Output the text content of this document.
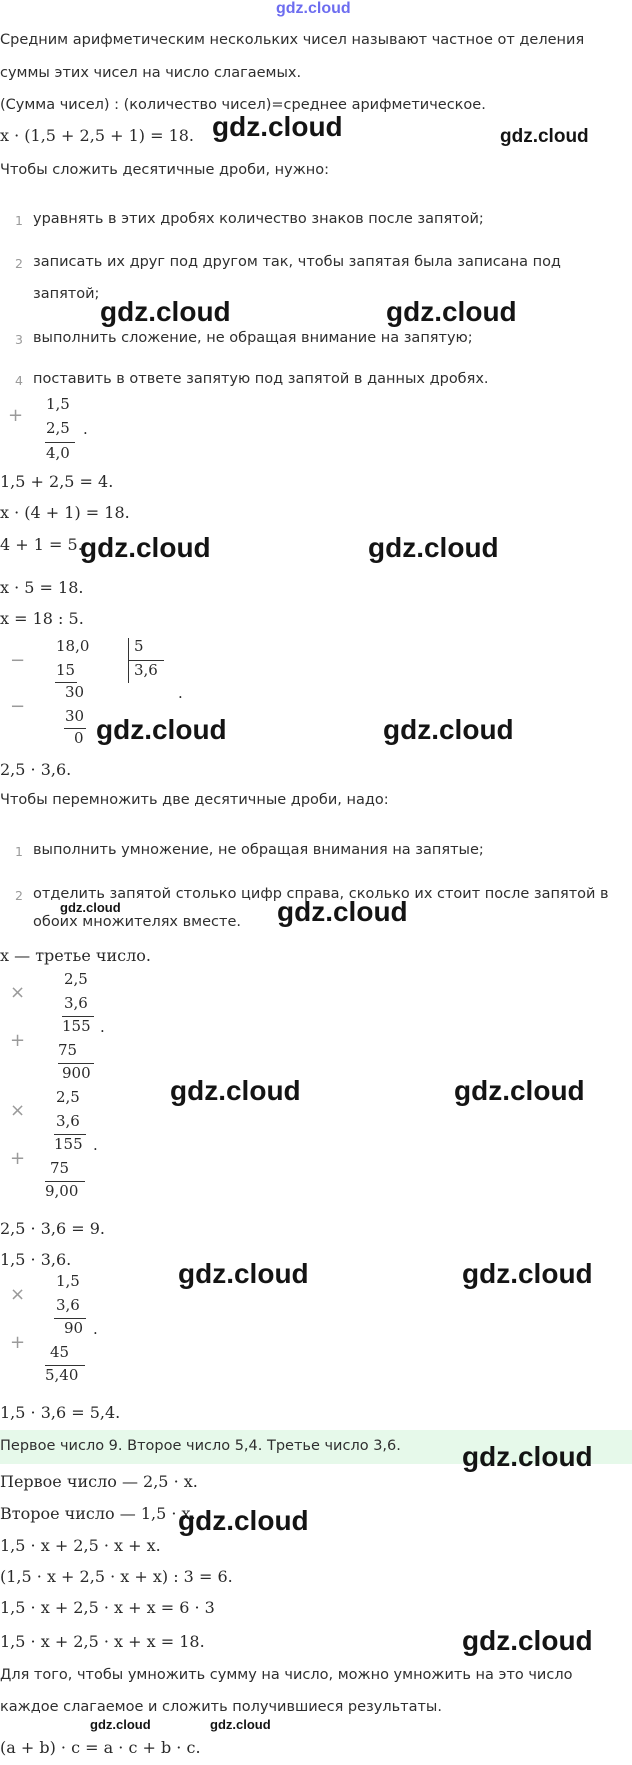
gdz.cloud
Средним арифметическим нескольких чисел называют частное от деления
суммы этих чисел на число слагаемых.
(Сумма чисел) : (количество чисел)=среднее арифметическое.
x · (1,5 + 2,5 + 1) = 18. gdz.cloud	gdz.cloud
Чтобы сложить десятичные дроби, нужно:
1 уравнять в этих дробях количество знаков после запятой;
2 записать их друг под другом так, чтобы запятая была записана под
запятой;
gdz.cloud	gdz.cloud
3 выполнить сложение, не обращая внимание на запятую;
4 поставить в ответе запятую под запятой в данных дробях.
+
1,5
2,5 .
4,0
1,5 + 2,5 = 4.
x · (4 + 1) = 18.
4 + 1 = 5.
gdz.cloud	gdz.cloud
x · 5 = 18.
x = 18 : 5.
−
18,0	5
15	3,6
30	.
−	30
0 gdz.cloud	gdz.cloud
2,5 · 3,6.
Чтобы перемножить две десятичные дроби, надо:
1 выполнить умножение, не обращая внимания на запятые;
2 отделить запятой столько цифр справа, сколько их стоит после запятой в
обоих множителях вместе.
gdz.cloud	gdz.cloud
x — третье число.
×
2,5
3,6
155 .
+ 75
900
gdz.cloud	gdz.cloud
×
2,5
3,6
155 .
+ 75
9,00
2,5 · 3,6 = 9.
1,5 · 3,6.	gdz.cloud	gdz.cloud
×
1,5
3,6
90 .
+ 45
5,40
1,5 · 3,6 = 5,4.
Первое число 9. Второе число 5,4. Третье число 3,6. gdz.cloud
Первое число — 2,5 · x.
Второе число — 1,5 · x.
1,5 · x + 2,5 · x + x.
gdz.cloud
(1,5 · x + 2,5 · x + x) : 3 = 6.
1,5 · x + 2,5 · x + x = 6 · 3
1,5 · x + 2,5 · x + x = 18.	gdz.cloud
Для того, чтобы умножить сумму на число, можно умножить на это число
каждое слагаемое и сложить получившиеся результаты.
gdz.cloud	gdz.cloud
(a + b) · c = a · c + b · c.
